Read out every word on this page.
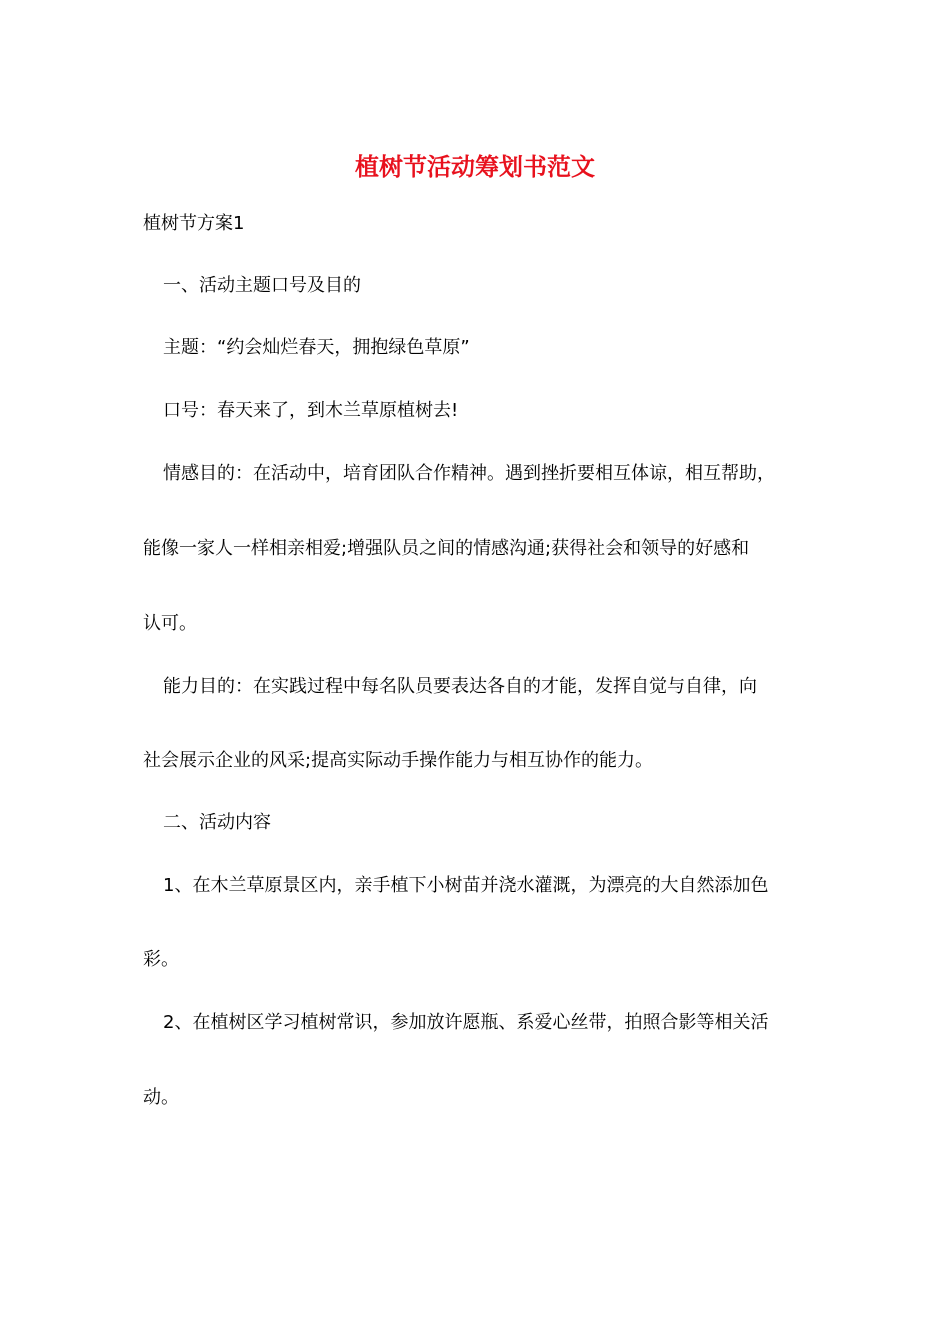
植树节活动筹划书范文
植树节方案1
一、活动主题口号及目的
主题：“约会灿烂春天，拥抱绿色草原”
口号：春天来了，到木兰草原植树去!
情感目的：在活动中，培育团队合作精神。遇到挫折要相互体谅，相互帮助，
能像一家人一样相亲相爱;增强队员之间的情感沟通;获得社会和领导的好感和
认可。
能力目的：在实践过程中每名队员要表达各自的才能，发挥自觉与自律，向
社会展示企业的风采;提高实际动手操作能力与相互协作的能力。
二、活动内容
1、在木兰草原景区内，亲手植下小树苗并浇水灌溉，为漂亮的大自然添加色
彩。
2、在植树区学习植树常识，参加放许愿瓶、系爱心丝带，拍照合影等相关活
动。
